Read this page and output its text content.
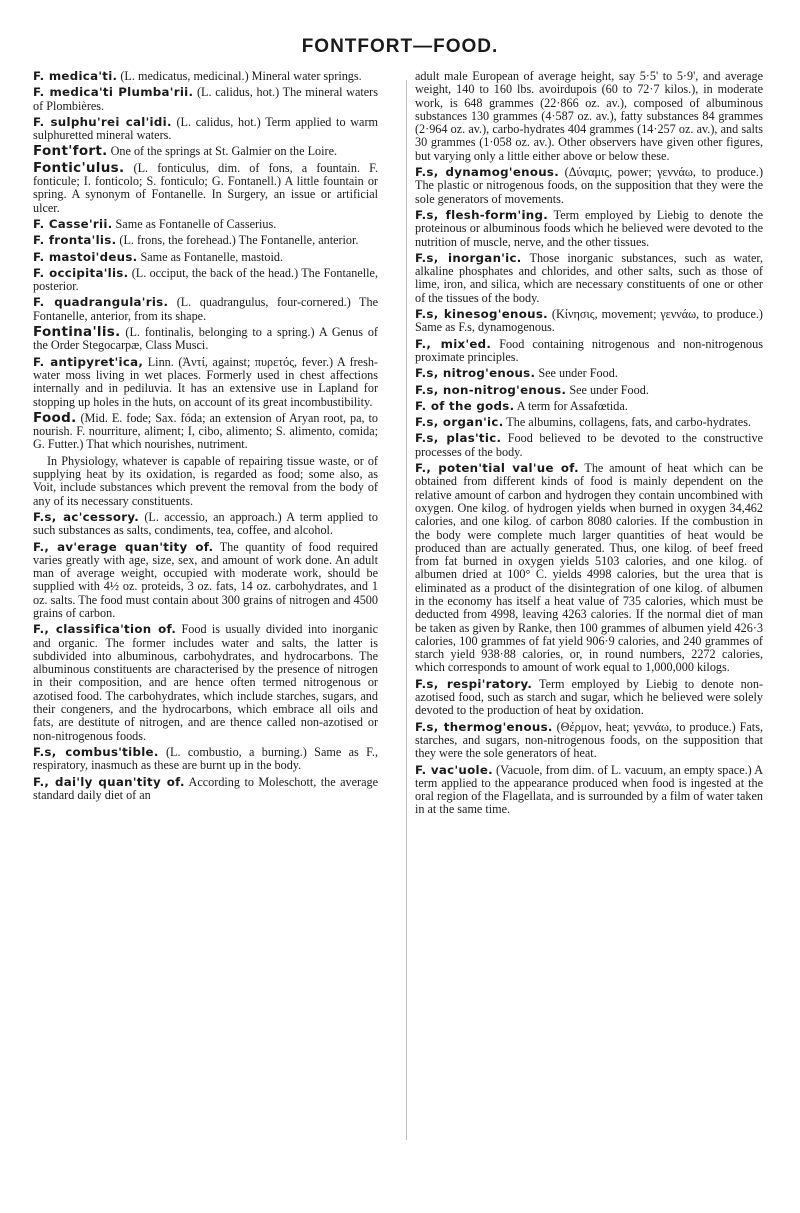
FONTFORT—FOOD.

F. medica'ti. (L. medicatus, medicinal.) Mineral water springs.

F. medica'ti Plumba'rii. (L. calidus, hot.) The mineral waters of Plombières.

F. sulphu'rei cal'idi. (L. calidus, hot.) Term applied to warm sulphuretted mineral waters.

Font'fort. One of the springs at St. Galmier on the Loire.

Fontic'ulus. (L. fonticulus, dim. of fons, a fountain. F. fonticule; I. fonticolo; S. fonticulo; G. Fontanell.) A little fountain or spring. A synonym of Fontanelle. In Surgery, an issue or artificial ulcer.

F. Casse'rii. Same as Fontanelle of Casserius.

F. fronta'lis. (L. frons, the forehead.) The Fontanelle, anterior.

F. mastoi'deus. Same as Fontanelle, mastoid.

F. occipita'lis. (L. occiput, the back of the head.) The Fontanelle, posterior.

F. quadrangula'ris. (L. quadrangulus, four-cornered.) The Fontanelle, anterior, from its shape.

Fontina'lis. (L. fontinalis, belonging to a spring.) A Genus of the Order Stegocarpæ, Class Musci.

F. antipyret'ica, Linn. (Ἀντί, against; πυρετός, fever.) A fresh-water moss living in wet places. Formerly used in chest affections internally and in pediluvia. It has an extensive use in Lapland for stopping up holes in the huts, on account of its great incombustibility.

Food. (Mid. E. fode; Sax. fóda; an extension of Aryan root, pa, to nourish. F. nourriture, aliment; I, cibo, alimento; S. alimento, comida; G. Futter.) That which nourishes, nutriment.

In Physiology, whatever is capable of repairing tissue waste, or of supplying heat by its oxidation, is regarded as food; some also, as Voit, include substances which prevent the removal from the body of any of its necessary constituents.

F.s, ac'cessory. (L. accessio, an approach.) A term applied to such substances as salts, condiments, tea, coffee, and alcohol.

F., av'erage quan'tity of. The quantity of food required varies greatly with age, size, sex, and amount of work done. An adult man of average weight, occupied with moderate work, should be supplied with 4½ oz. proteids, 3 oz. fats, 14 oz. carbohydrates, and 1 oz. salts. The food must contain about 300 grains of nitrogen and 4500 grains of carbon.

F., classifica'tion of. Food is usually divided into inorganic and organic. The former includes water and salts, the latter is subdivided into albuminous, carbohydrates, and hydrocarbons. The albuminous constituents are characterised by the presence of nitrogen in their composition, and are hence often termed nitrogenous or azotised food. The carbohydrates, which include starches, sugars, and their congeners, and the hydrocarbons, which embrace all oils and fats, are destitute of nitrogen, and are thence called non-azotised or non-nitrogenous foods.

F.s, combus'tible. (L. combustio, a burning.) Same as F., respiratory, inasmuch as these are burnt up in the body.

F., dai'ly quan'tity of. According to Moleschott, the average standard daily diet of an

adult male European of average height, say 5·5' to 5·9', and average weight, 140 to 160 lbs. avoirdupois (60 to 72·7 kilos.), in moderate work, is 648 grammes (22·866 oz. av.), composed of albuminous substances 130 grammes (4·587 oz. av.), fatty substances 84 grammes (2·964 oz. av.), carbo-hydrates 404 grammes (14·257 oz. av.), and salts 30 grammes (1·058 oz. av.). Other observers have given other figures, but varying only a little either above or below these.

F.s, dynamog'enous. (Δύναμις, power; γεννάω, to produce.) The plastic or nitrogenous foods, on the supposition that they were the sole generators of movements.

F.s, flesh-form'ing. Term employed by Liebig to denote the proteinous or albuminous foods which he believed were devoted to the nutrition of muscle, nerve, and the other tissues.

F.s, inorgan'ic. Those inorganic substances, such as water, alkaline phosphates and chlorides, and other salts, such as those of lime, iron, and silica, which are necessary constituents of one or other of the tissues of the body.

F.s, kinesog'enous. (Κίνησις, movement; γεννάω, to produce.) Same as F.s, dynamogenous.

F., mix'ed. Food containing nitrogenous and non-nitrogenous proximate principles.

F.s, nitrog'enous. See under Food.

F.s, non-nitrog'enous. See under Food.

F. of the gods. A term for Assafœtida.

F.s, organ'ic. The albumins, collagens, fats, and carbo-hydrates.

F.s, plas'tic. Food believed to be devoted to the constructive processes of the body.

F., poten'tial val'ue of. The amount of heat which can be obtained from different kinds of food is mainly dependent on the relative amount of carbon and hydrogen they contain uncombined with oxygen. One kilog. of hydrogen yields when burned in oxygen 34,462 calories, and one kilog. of carbon 8080 calories. If the combustion in the body were complete much larger quantities of heat would be produced than are actually generated. Thus, one kilog. of beef freed from fat burned in oxygen yields 5103 calories, and one kilog. of albumen dried at 100° C. yields 4998 calories, but the urea that is eliminated as a product of the disintegration of one kilog. of albumen in the economy has itself a heat value of 735 calories, which must be deducted from 4998, leaving 4263 calories. If the normal diet of man be taken as given by Ranke, then 100 grammes of albumen yield 426·3 calories, 100 grammes of fat yield 906·9 calories, and 240 grammes of starch yield 938·88 calories, or, in round numbers, 2272 calories, which corresponds to amount of work equal to 1,000,000 kilogs.

F.s, respi'ratory. Term employed by Liebig to denote non-azotised food, such as starch and sugar, which he believed were solely devoted to the production of heat by oxidation.

F.s, thermog'enous. (Θέρμον, heat; γεννάω, to produce.) Fats, starches, and sugars, non-nitrogenous foods, on the supposition that they were the sole generators of heat.

F. vac'uole. (Vacuole, from dim. of L. vacuum, an empty space.) A term applied to the appearance produced when food is ingested at the oral region of the Flagellata, and is surrounded by a film of water taken in at the same time.
